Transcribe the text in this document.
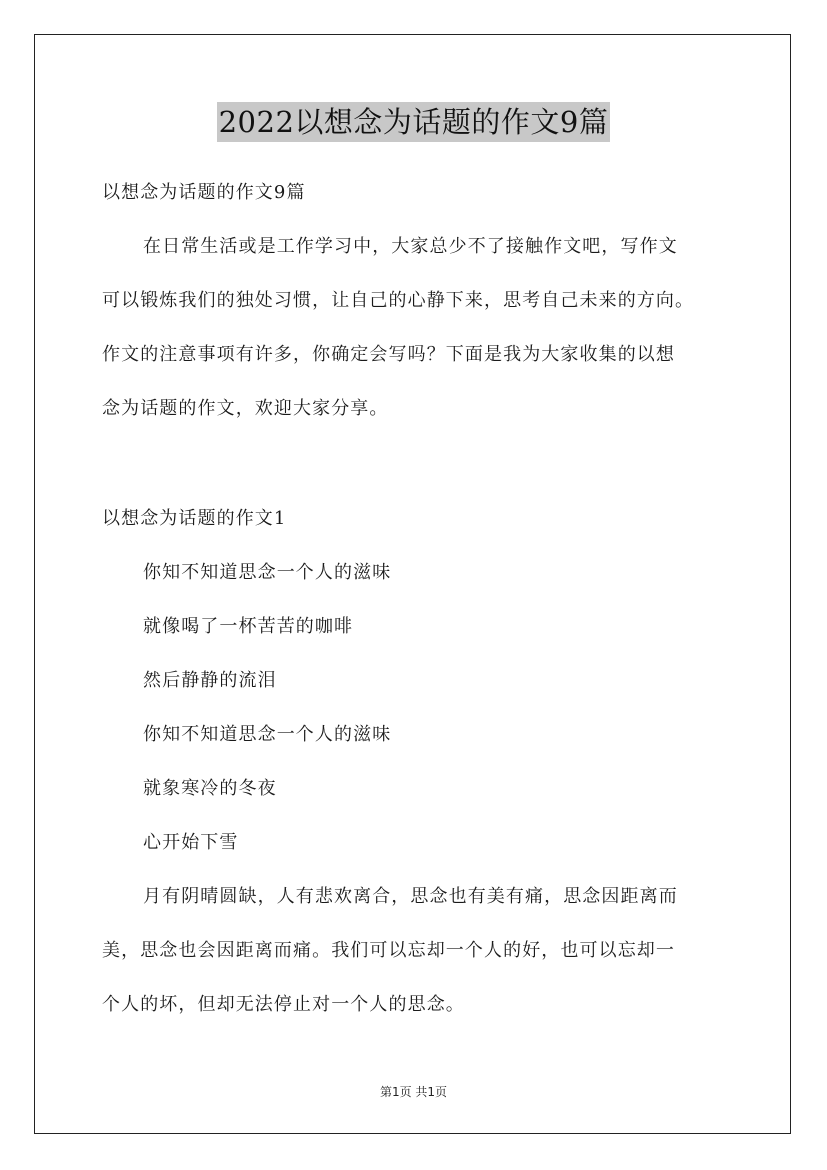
2022以想念为话题的作文9篇
以想念为话题的作文9篇
在日常生活或是工作学习中，大家总少不了接触作文吧，写作文
可以锻炼我们的独处习惯，让自己的心静下来，思考自己未来的方向。
作文的注意事项有许多，你确定会写吗？下面是我为大家收集的以想
念为话题的作文，欢迎大家分享。
以想念为话题的作文1
你知不知道思念一个人的滋味
就像喝了一杯苦苦的咖啡
然后静静的流泪
你知不知道思念一个人的滋味
就象寒冷的冬夜
心开始下雪
月有阴晴圆缺，人有悲欢离合，思念也有美有痛，思念因距离而
美，思念也会因距离而痛。我们可以忘却一个人的好，也可以忘却一
个人的坏，但却无法停止对一个人的思念。
第1页 共1页
